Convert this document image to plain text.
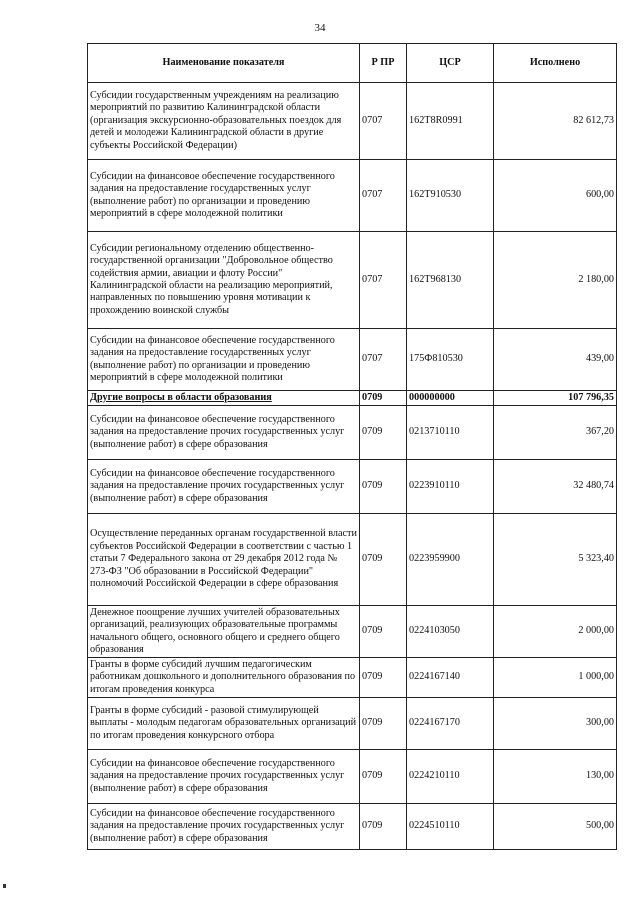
34
Наименование показателя	Р ПР	ЦСР	Исполнено
Субсидии государственным учреждениям на реализацию мероприятий по развитию Калининградской области (организация экскурсионно-образовательных поездок для детей и молодежи Калининградской области в другие субъекты Российской Федерации)	0707	162T8R0991	82 612,73
Субсидии на финансовое обеспечение государственного задания на предоставление государственных услуг (выполнение работ) по организации и проведению мероприятий в сфере молодежной политики	0707	162T910530	600,00
Субсидии региональному отделению общественно-государственной организации "Добровольное общество содействия армии, авиации и флоту России" Калининградской области на реализацию мероприятий, направленных по повышению уровня мотивации к прохождению воинской службы	0707	162T968130	2 180,00
Субсидии на финансовое обеспечение государственного задания на предоставление государственных услуг (выполнение работ) по организации и проведению мероприятий в сфере молодежной политики	0707	175Ф810530	439,00
Другие вопросы в области образования	0709	000000000	107 796,35
Субсидии на финансовое обеспечение государственного задания на предоставление прочих государственных услуг (выполнение работ) в сфере образования	0709	0213710110	367,20
Субсидии на финансовое обеспечение государственного задания на предоставление прочих государственных услуг (выполнение работ) в сфере образования	0709	0223910110	32 480,74
Осуществление переданных органам государственной власти субъектов Российской Федерации в соответствии с частью 1 статьи 7 Федерального закона от 29 декабря 2012 года № 273-ФЗ "Об образовании в Российской Федерации" полномочий Российской Федерации в сфере образования	0709	0223959900	5 323,40
Денежное поощрение лучших учителей образовательных организаций, реализующих образовательные программы начального общего, основного общего и среднего общего образования	0709	0224103050	2 000,00
Гранты в форме субсидий лучшим педагогическим работникам дошкольного и дополнительного образования по итогам проведения конкурса	0709	0224167140	1 000,00
Гранты в форме субсидий - разовой стимулирующей выплаты - молодым педагогам образовательных организаций по итогам проведения конкурсного отбора	0709	0224167170	300,00
Субсидии на финансовое обеспечение государственного задания на предоставление прочих государственных услуг (выполнение работ) в сфере образования	0709	0224210110	130,00
Субсидии на финансовое обеспечение государственного задания на предоставление прочих государственных услуг (выполнение работ) в сфере образования	0709	0224510110	500,00
